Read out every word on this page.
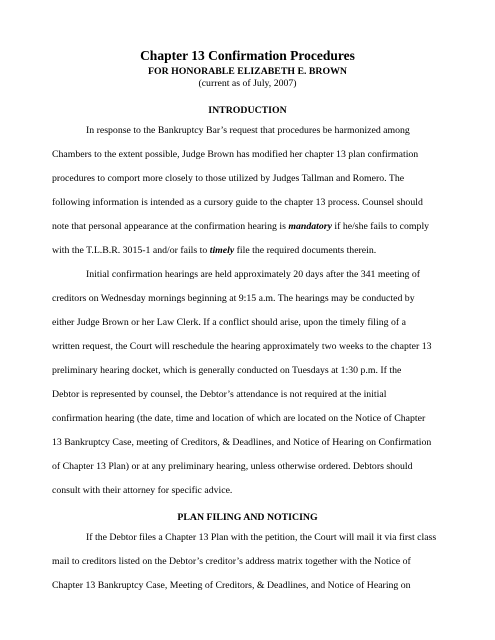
Chapter 13 Confirmation Procedures
FOR HONORABLE ELIZABETH E. BROWN
(current as of July, 2007)
INTRODUCTION
In response to the Bankruptcy Bar’s request that procedures be harmonized among
Chambers to the extent possible, Judge Brown has modified her chapter 13 plan confirmation
procedures to comport more closely to those utilized by Judges Tallman and Romero. The
following information is intended as a cursory guide to the chapter 13 process. Counsel should
note that personal appearance at the confirmation hearing is mandatory if he/she fails to comply
with the T.L.B.R. 3015-1 and/or fails to timely file the required documents therein.
Initial confirmation hearings are held approximately 20 days after the 341 meeting of
creditors on Wednesday mornings beginning at 9:15 a.m. The hearings may be conducted by
either Judge Brown or her Law Clerk. If a conflict should arise, upon the timely filing of a
written request, the Court will reschedule the hearing approximately two weeks to the chapter 13
preliminary hearing docket, which is generally conducted on Tuesdays at 1:30 p.m. If the
Debtor is represented by counsel, the Debtor’s attendance is not required at the initial
confirmation hearing (the date, time and location of which are located on the Notice of Chapter
13 Bankruptcy Case, meeting of Creditors, & Deadlines, and Notice of Hearing on Confirmation
of Chapter 13 Plan) or at any preliminary hearing, unless otherwise ordered. Debtors should
consult with their attorney for specific advice.
PLAN FILING AND NOTICING
If the Debtor files a Chapter 13 Plan with the petition, the Court will mail it via first class
mail to creditors listed on the Debtor’s creditor’s address matrix together with the Notice of
Chapter 13 Bankruptcy Case, Meeting of Creditors, & Deadlines, and Notice of Hearing on
